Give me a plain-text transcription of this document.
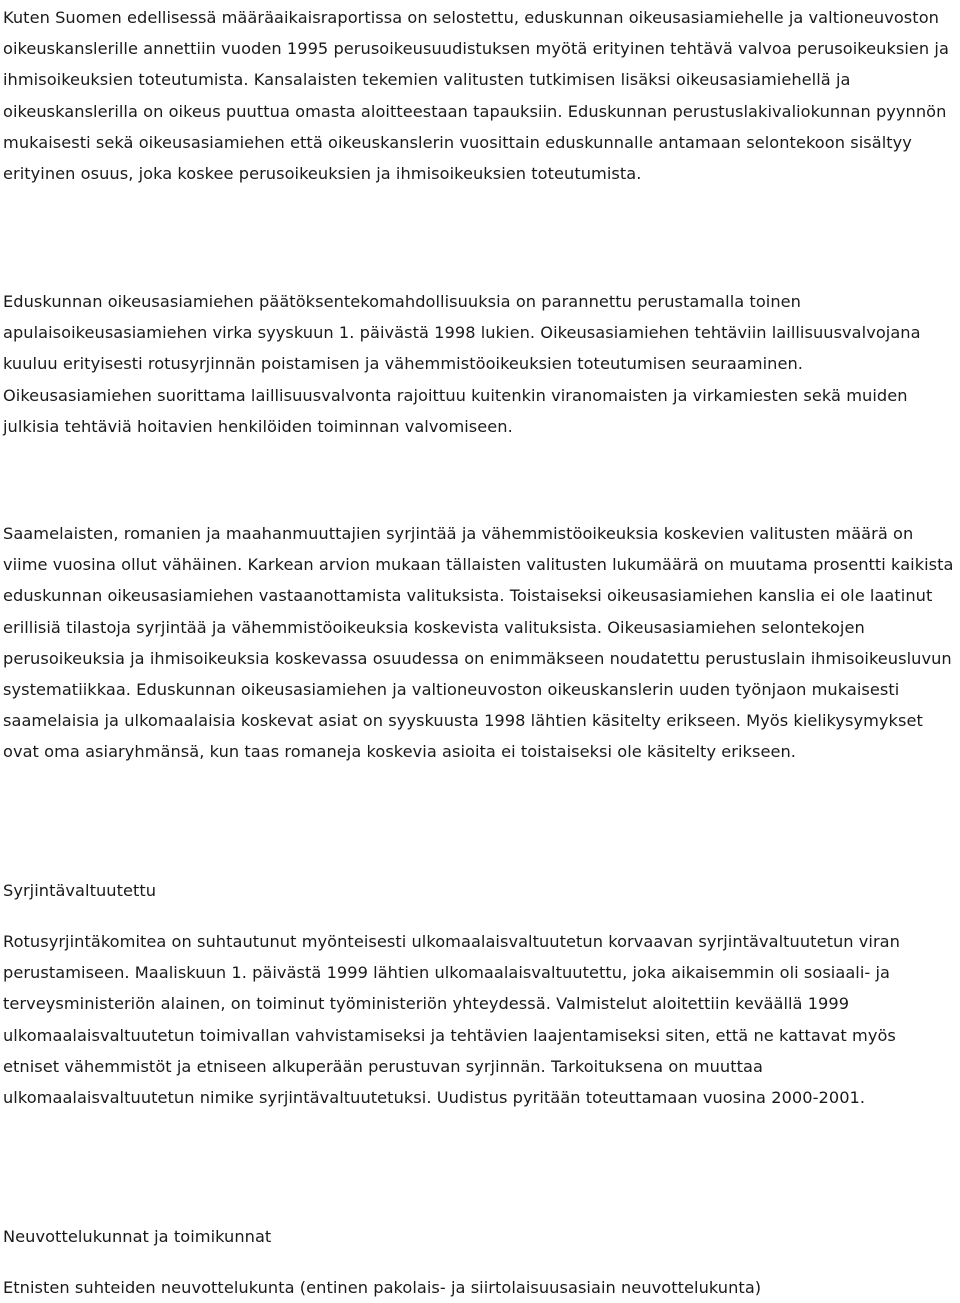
Kuten Suomen edellisessä määräaikaisraportissa on selostettu, eduskunnan oikeusasiamiehelle ja valtioneuvoston oikeuskanslerille annettiin vuoden 1995 perusoikeusuudistuksen myötä erityinen tehtävä valvoa perusoikeuksien ja ihmisoikeuksien toteutumista. Kansalaisten tekemien valitusten tutkimisen lisäksi oikeusasiamiehellä ja oikeuskanslerilla on oikeus puuttua omasta aloitteestaan tapauksiin. Eduskunnan perustuslakivaliokunnan pyynnön mukaisesti sekä oikeusasiamiehen että oikeuskanslerin vuosittain eduskunnalle antamaan selontekoon sisältyy erityinen osuus, joka koskee perusoikeuksien ja ihmisoikeuksien toteutumista.

Eduskunnan oikeusasiamiehen päätöksentekomahdollisuuksia on parannettu perustamalla toinen apulaisoikeusasiamiehen virka syyskuun 1. päivästä 1998 lukien. Oikeusasiamiehen tehtäviin laillisuusvalvojana kuuluu erityisesti rotusyrjinnän poistamisen ja vähemmistöoikeuksien toteutumisen seuraaminen. Oikeusasiamiehen suorittama laillisuusvalvonta rajoittuu kuitenkin viranomaisten ja virkamiesten sekä muiden julkisia tehtäviä hoitavien henkilöiden toiminnan valvomiseen.

Saamelaisten, romanien ja maahanmuuttajien syrjintää ja vähemmistöoikeuksia koskevien valitusten määrä on viime vuosina ollut vähäinen. Karkean arvion mukaan tällaisten valitusten lukumäärä on muutama prosentti kaikista eduskunnan oikeusasiamiehen vastaanottamista valituksista. Toistaiseksi oikeusasiamiehen kanslia ei ole laatinut erillisiä tilastoja syrjintää ja vähemmistöoikeuksia koskevista valituksista. Oikeusasiamiehen selontekojen perusoikeuksia ja ihmisoikeuksia koskevassa osuudessa on enimmäkseen noudatettu perustuslain ihmisoikeusluvun systematiikkaa. Eduskunnan oikeusasiamiehen ja valtioneuvoston oikeuskanslerin uuden työnjaon mukaisesti saamelaisia ja ulkomaalaisia koskevat asiat on syyskuusta 1998 lähtien käsitelty erikseen. Myös kielikysymykset ovat oma asiaryhmänsä, kun taas romaneja koskevia asioita ei toistaiseksi ole käsitelty erikseen.

Syrjintävaltuutettu

Rotusyrjintäkomitea on suhtautunut myönteisesti ulkomaalaisvaltuutetun korvaavan syrjintävaltuutetun viran perustamiseen. Maaliskuun 1. päivästä 1999 lähtien ulkomaalaisvaltuutettu, joka aikaisemmin oli sosiaali- ja terveysministeriön alainen, on toiminut työministeriön yhteydessä. Valmistelut aloitettiin keväällä 1999 ulkomaalaisvaltuutetun toimivallan vahvistamiseksi ja tehtävien laajentamiseksi siten, että ne kattavat myös etniset vähemmistöt ja etniseen alkuperään perustuvan syrjinnän. Tarkoituksena on muuttaa ulkomaalaisvaltuutetun nimike syrjintävaltuutetuksi. Uudistus pyritään toteuttamaan vuosina 2000-2001.

Neuvottelukunnat ja toimikunnat

Etnisten suhteiden neuvottelukunta (entinen pakolais- ja siirtolaisuusasiain neuvottelukunta)
